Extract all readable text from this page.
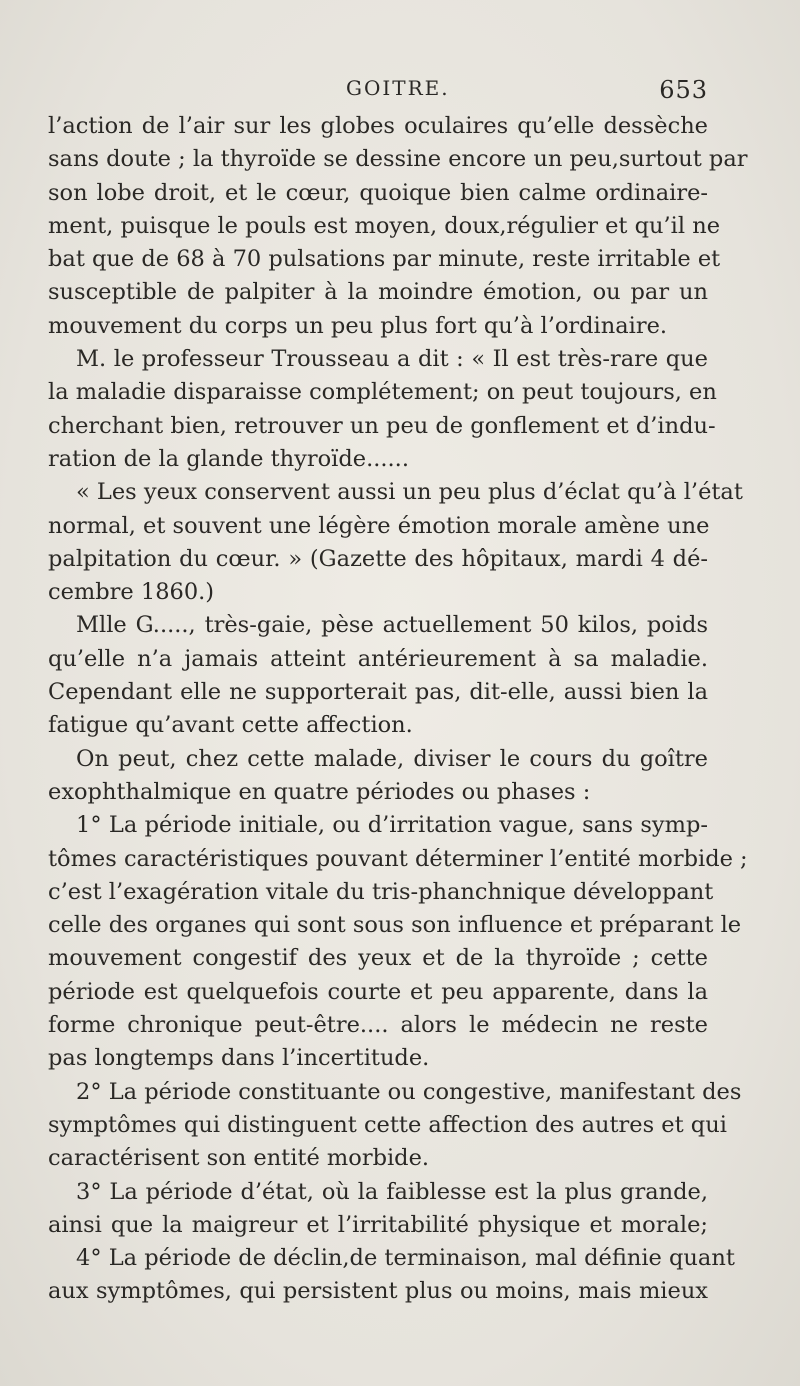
GOITRE.	653
l’action de l’air sur les globes oculaires qu’elle dessèche
sans doute ; la thyroïde se dessine encore un peu,surtout par
son lobe droit, et le cœur, quoique bien calme ordinaire-
ment, puisque le pouls est moyen, doux,régulier et qu’il ne
bat que de 68 à 70 pulsations par minute, reste irritable et
susceptible de palpiter à la moindre émotion, ou par un
mouvement du corps un peu plus fort qu’à l’ordinaire.
M. le professeur Trousseau a dit : « Il est très-rare que
la maladie disparaisse complétement; on peut toujours, en
cherchant bien, retrouver un peu de gonflement et d’indu-
ration de la glande thyroïde......
« Les yeux conservent aussi un peu plus d’éclat qu’à l’état
normal, et souvent une légère émotion morale amène une
palpitation du cœur. » (Gazette des hôpitaux, mardi 4 dé-
cembre 1860.)
Mlle G....., très-gaie, pèse actuellement 50 kilos, poids
qu’elle n’a jamais atteint antérieurement à sa maladie.
Cependant elle ne supporterait pas, dit-elle, aussi bien la
fatigue qu’avant cette affection.
On peut, chez cette malade, diviser le cours du goître
exophthalmique en quatre périodes ou phases :
1° La période initiale, ou d’irritation vague, sans symp-
tômes caractéristiques pouvant déterminer l’entité morbide ;
c’est l’exagération vitale du tris-phanchnique développant
celle des organes qui sont sous son influence et préparant le
mouvement congestif des yeux et de la thyroïde ; cette
période est quelquefois courte et peu apparente, dans la
forme chronique peut-être.... alors le médecin ne reste
pas longtemps dans l’incertitude.
2° La période constituante ou congestive, manifestant des
symptômes qui distinguent cette affection des autres et qui
caractérisent son entité morbide.
3° La période d’état, où la faiblesse est la plus grande,
ainsi que la maigreur et l’irritabilité physique et morale;
4° La période de déclin,de terminaison, mal définie quant
aux symptômes, qui persistent plus ou moins, mais mieux
